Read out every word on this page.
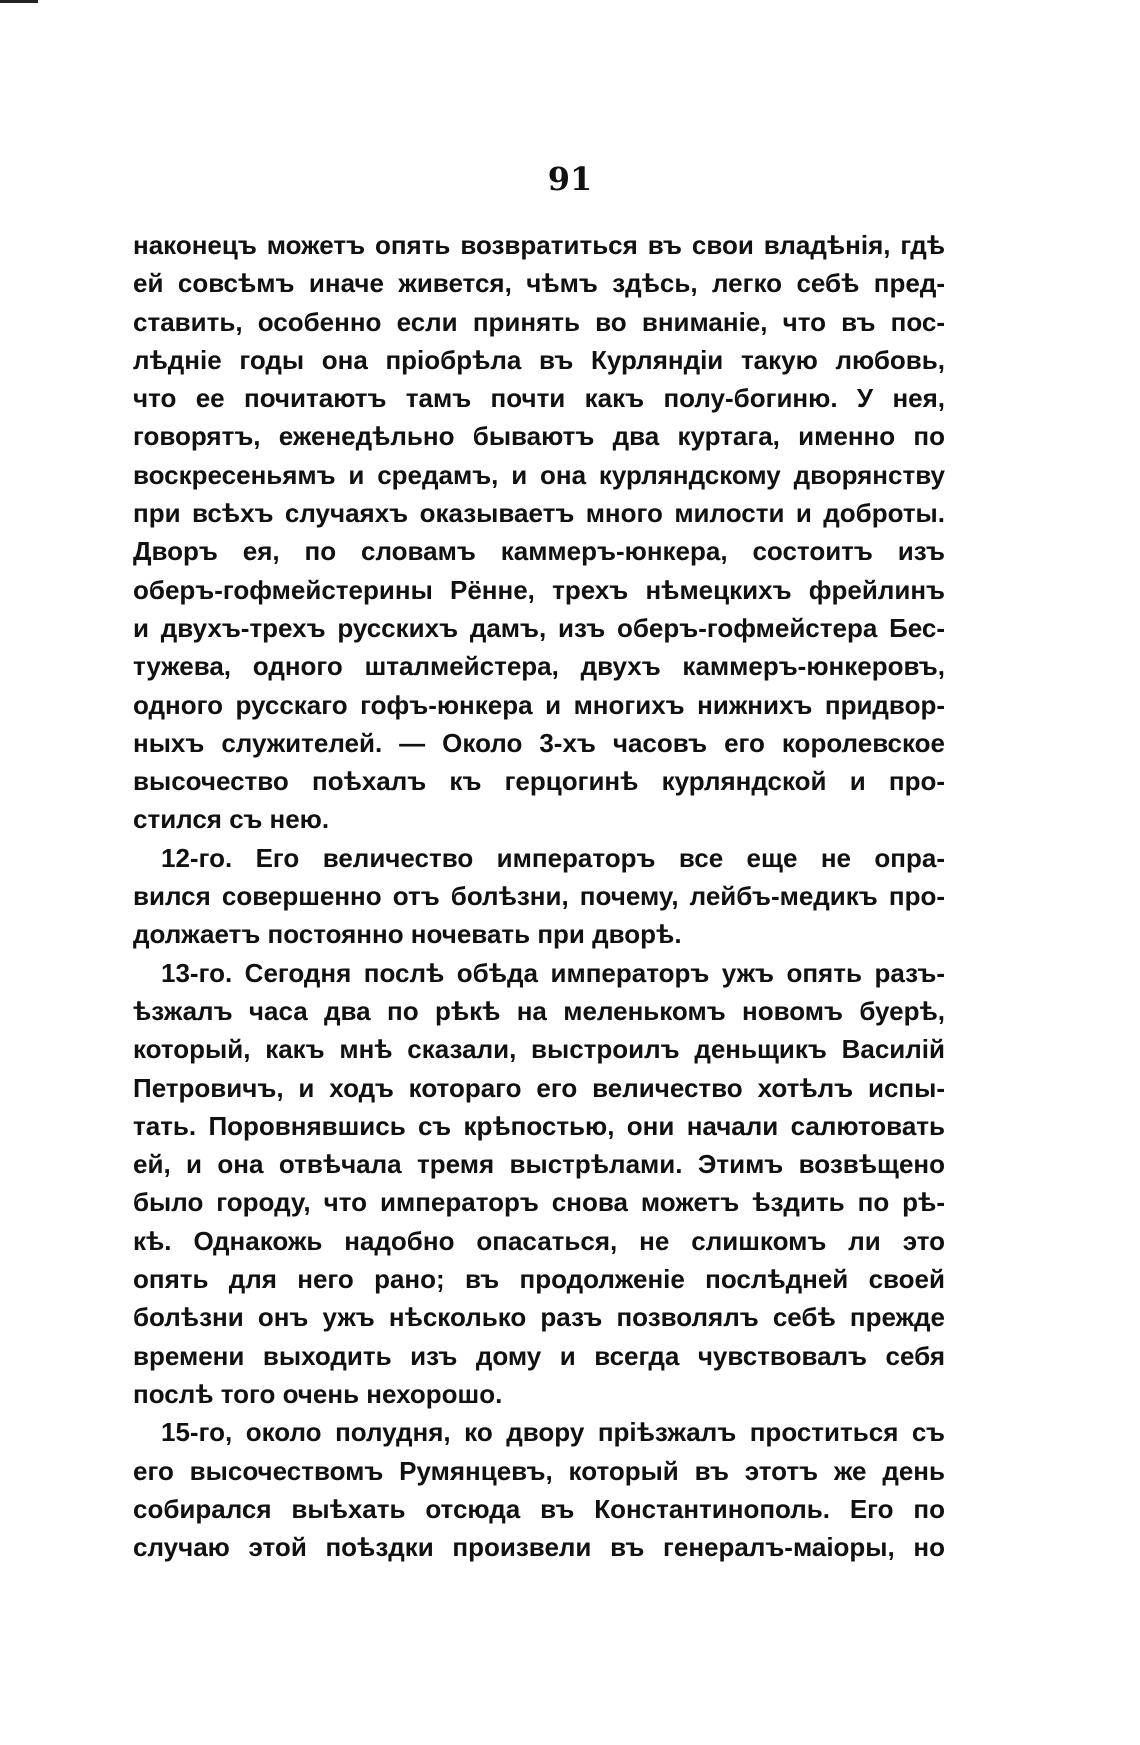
91
наконецъ можетъ опять возвратиться въ свои владѣнія, гдѣ
ей совсѣмъ иначе живется, чѣмъ здѣсь, легко себѣ пред-
ставить, особенно если принять во вниманіе, что въ пос-
лѣдніе годы она пріобрѣла въ Курляндіи такую любовь,
что ее почитаютъ тамъ почти какъ полу-богиню. У нея,
говорятъ, еженедѣльно бываютъ два куртага, именно по
воскресеньямъ и средамъ, и она курляндскому дворянству
при всѣхъ случаяхъ оказываетъ много милости и доброты.
Дворъ ея, по словамъ каммеръ-юнкера, состоитъ изъ
оберъ-гофмейстерины Рённе, трехъ нѣмецкихъ фрейлинъ
и двухъ-трехъ русскихъ дамъ, изъ оберъ-гофмейстера Бес-
тужева, одного шталмейстера, двухъ каммеръ-юнкеровъ,
одного русскаго гофъ-юнкера и многихъ нижнихъ придвор-
ныхъ служителей. — Около 3-хъ часовъ его королевское
высочество поѣхалъ къ герцогинѣ курляндской и про-
стился съ нею.
12-го. Его величество императоръ все еще не опра-
вился совершенно отъ болѣзни, почему, лейбъ-медикъ про-
должаетъ постоянно ночевать при дворѣ.
13-го. Сегодня послѣ обѣда императоръ ужъ опять разъ-
ѣзжалъ часа два по рѣкѣ на меленькомъ новомъ буерѣ,
который, какъ мнѣ сказали, выстроилъ деньщикъ Василій
Петровичъ, и ходъ котораго его величество хотѣлъ испы-
тать. Поровнявшись съ крѣпостью, они начали салютовать
ей, и она отвѣчала тремя выстрѣлами. Этимъ возвѣщено
было городу, что императоръ снова можетъ ѣздить по рѣ-
кѣ. Однакожь надобно опасаться, не слишкомъ ли это
опять для него рано; въ продолженіе послѣдней своей
болѣзни онъ ужъ нѣсколько разъ позволялъ себѣ прежде
времени выходить изъ дому и всегда чувствовалъ себя
послѣ того очень нехорошо.
15-го, около полудня, ко двору пріѣзжалъ проститься съ
его высочествомъ Румянцевъ, который въ этотъ же день
собирался выѣхать отсюда въ Константинополь. Его по
случаю этой поѣздки произвели въ генералъ-маіоры, но
